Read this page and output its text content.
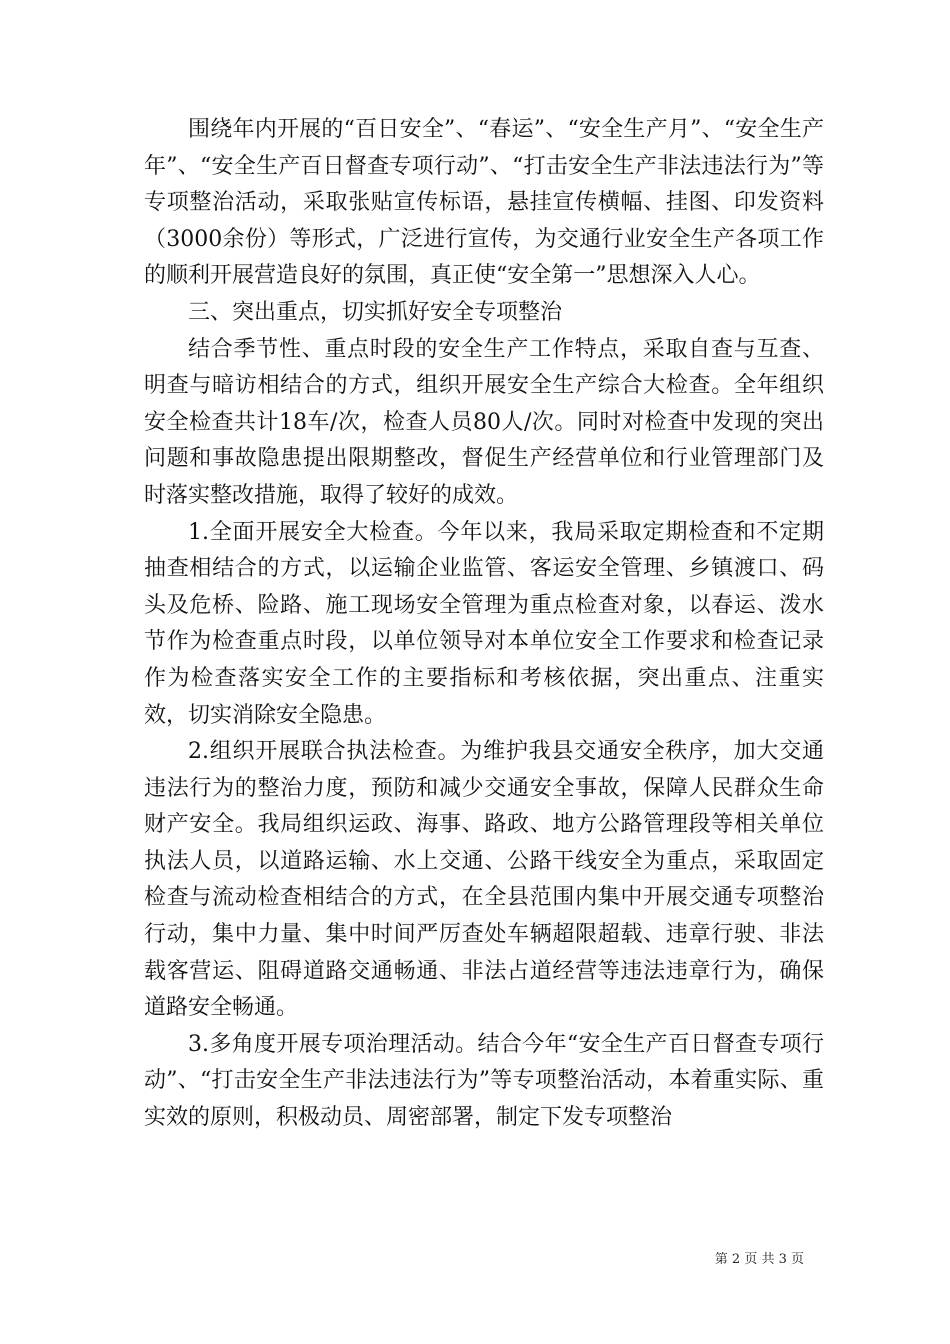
围绕年内开展的“百日安全”、“春运”、“安全生产月”、“安全生产年”、“安全生产百日督查专项行动”、“打击安全生产非法违法行为”等专项整治活动，采取张贴宣传标语，悬挂宣传横幅、挂图、印发资料（3000余份）等形式，广泛进行宣传，为交通行业安全生产各项工作的顺利开展营造良好的氛围，真正使“安全第一”思想深入人心。

三、突出重点，切实抓好安全专项整治

结合季节性、重点时段的安全生产工作特点，采取自查与互查、明查与暗访相结合的方式，组织开展安全生产综合大检查。全年组织安全检查共计18车/次，检查人员80人/次。同时对检查中发现的突出问题和事故隐患提出限期整改，督促生产经营单位和行业管理部门及时落实整改措施，取得了较好的成效。

1.全面开展安全大检查。今年以来，我局采取定期检查和不定期抽查相结合的方式，以运输企业监管、客运安全管理、乡镇渡口、码头及危桥、险路、施工现场安全管理为重点检查对象，以春运、泼水节作为检查重点时段，以单位领导对本单位安全工作要求和检查记录作为检查落实安全工作的主要指标和考核依据，突出重点、注重实效，切实消除安全隐患。

2.组织开展联合执法检查。为维护我县交通安全秩序，加大交通违法行为的整治力度，预防和减少交通安全事故，保障人民群众生命财产安全。我局组织运政、海事、路政、地方公路管理段等相关单位执法人员，以道路运输、水上交通、公路干线安全为重点，采取固定检查与流动检查相结合的方式，在全县范围内集中开展交通专项整治行动，集中力量、集中时间严厉查处车辆超限超载、违章行驶、非法载客营运、阻碍道路交通畅通、非法占道经营等违法违章行为，确保道路安全畅通。

3.多角度开展专项治理活动。结合今年“安全生产百日督查专项行动”、“打击安全生产非法违法行为”等专项整治活动，本着重实际、重实效的原则，积极动员、周密部署，制定下发专项整治

第 2 页 共 3 页
